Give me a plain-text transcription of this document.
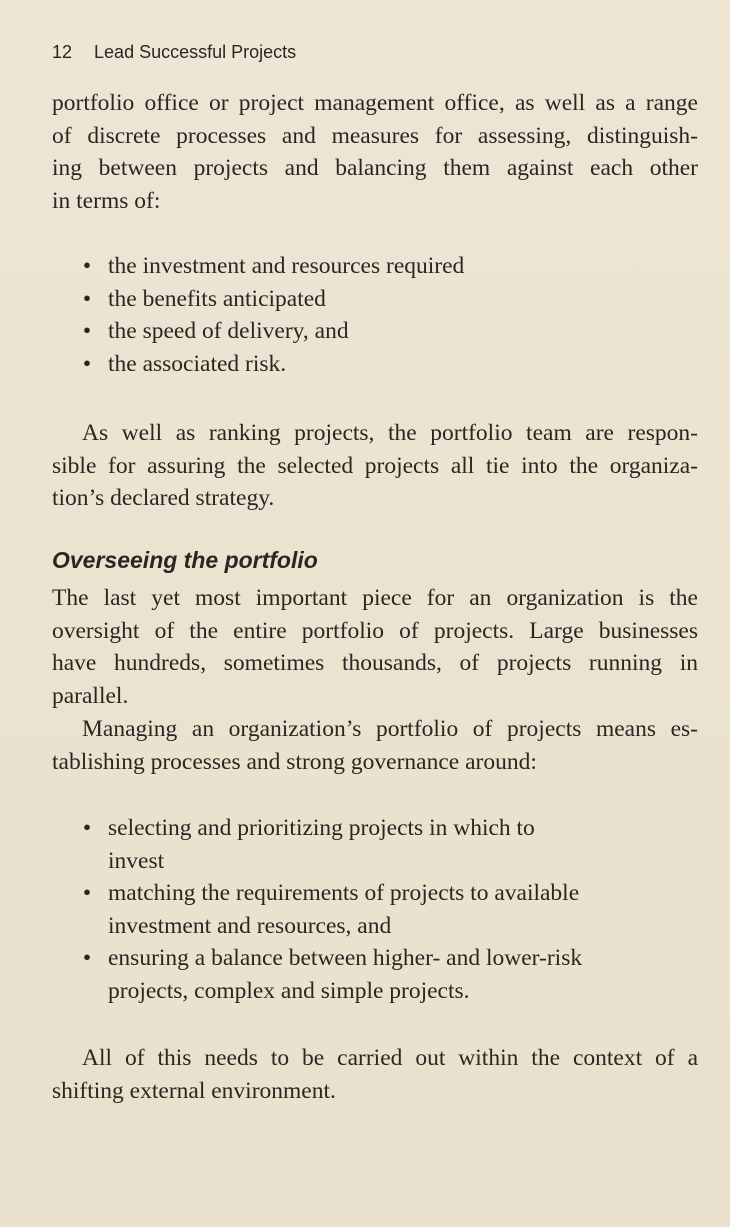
12 Lead Successful Projects
portfolio office or project management office, as well as a range
of discrete processes and measures for assessing, distinguish-
ing between projects and balancing them against each other
in terms of:
• the investment and resources required
• the benefits anticipated
• the speed of delivery, and
• the associated risk.
As well as ranking projects, the portfolio team are respon-
sible for assuring the selected projects all tie into the organiza-
tion’s declared strategy.
Overseeing the portfolio
The last yet most important piece for an organization is the
oversight of the entire portfolio of projects. Large businesses
have hundreds, sometimes thousands, of projects running in
parallel.
Managing an organization’s portfolio of projects means es-
tablishing processes and strong governance around:
• selecting and prioritizing projects in which to
invest
• matching the requirements of projects to available
investment and resources, and
• ensuring a balance between higher- and lower-risk
projects, complex and simple projects.
All of this needs to be carried out within the context of a
shifting external environment.
